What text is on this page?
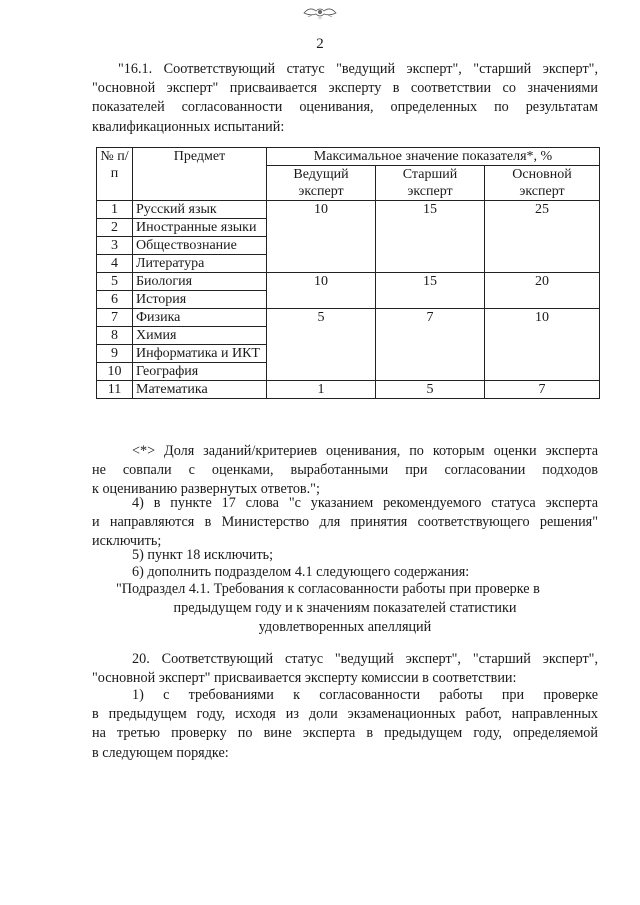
2
"16.1. Соответствующий статус "ведущий эксперт", "старший эксперт",
"основной эксперт" присваивается эксперту в соответствии со значениями
показателей согласованности оценивания, определенных по результатам
квалификационных испытаний:
№ п/п	Предмет	Максимальное значение показателя*, %		
		Ведущий эксперт	Старший эксперт	Основной эксперт
1	Русский язык	10	15	25
2	Иностранные языки			
3	Обществознание			
4	Литература			
5	Биология	10	15	20
6	История			
7	Физика	5	7	10
8	Химия			
9	Информатика и ИКТ			
10	География			
11	Математика	1	5	7
<*> Доля заданий/критериев оценивания, по которым оценки эксперта
не совпали с оценками, выработанными при согласовании подходов
к оцениванию развернутых ответов.";
4) в пункте 17 слова "с указанием рекомендуемого статуса эксперта
и направляются в Министерство для принятия соответствующего решения"
исключить;
5) пункт 18 исключить;
6) дополнить подразделом 4.1 следующего содержания:
"Подраздел 4.1. Требования к согласованности работы при проверке в
предыдущем году и к значениям показателей статистики
удовлетворенных апелляций
20. Соответствующий статус "ведущий эксперт", "старший эксперт",
"основной эксперт" присваивается эксперту комиссии в соответствии:
1) с требованиями к согласованности работы при проверке
в предыдущем году, исходя из доли экзаменационных работ, направленных
на третью проверку по вине эксперта в предыдущем году, определяемой
в следующем порядке:
